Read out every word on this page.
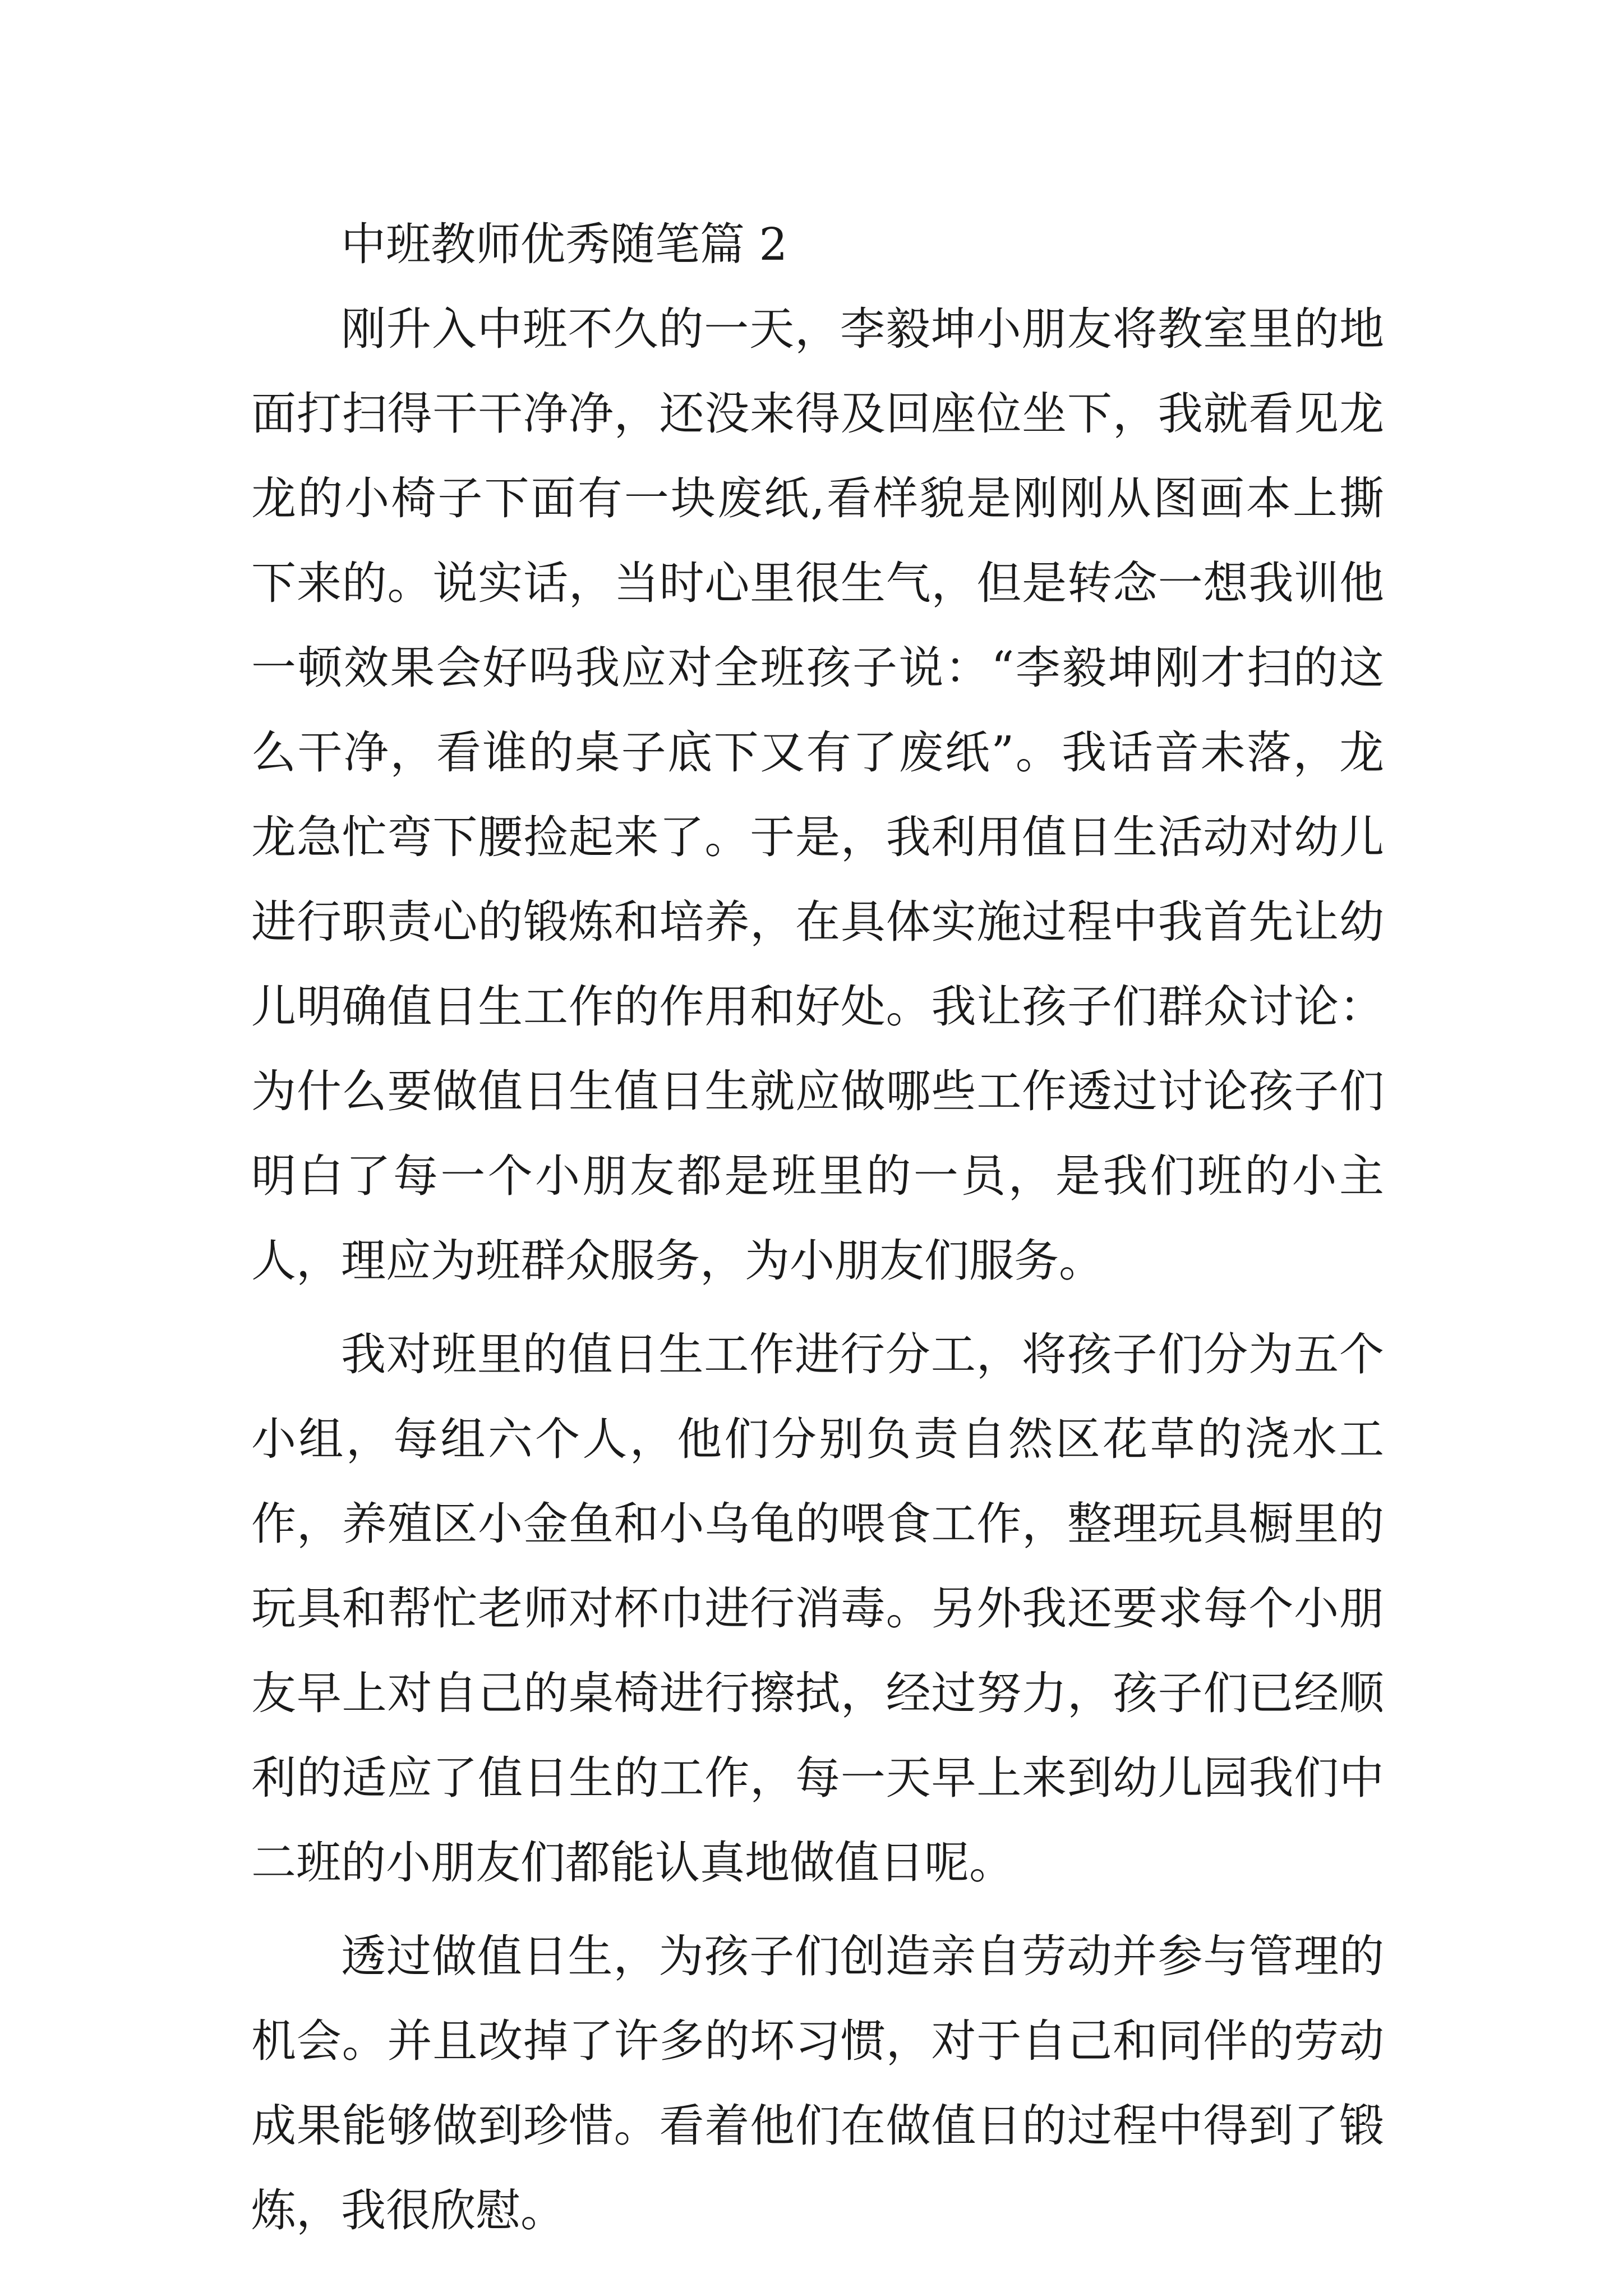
中班教师优秀随笔篇 2

刚升入中班不久的一天，李毅坤小朋友将教室里的地面打扫得干干净净，还没来得及回座位坐下，我就看见龙龙的小椅子下面有一块废纸,看样貌是刚刚从图画本上撕下来的。说实话，当时心里很生气，但是转念一想我训他一顿效果会好吗我应对全班孩子说：“李毅坤刚才扫的这么干净，看谁的桌子底下又有了废纸”。我话音未落，龙龙急忙弯下腰捡起来了。于是，我利用值日生活动对幼儿进行职责心的锻炼和培养，在具体实施过程中我首先让幼儿明确值日生工作的作用和好处。我让孩子们群众讨论：为什么要做值日生值日生就应做哪些工作透过讨论孩子们明白了每一个小朋友都是班里的一员，是我们班的小主人，理应为班群众服务，为小朋友们服务。

我对班里的值日生工作进行分工，将孩子们分为五个小组，每组六个人，他们分别负责自然区花草的浇水工作，养殖区小金鱼和小乌龟的喂食工作，整理玩具橱里的玩具和帮忙老师对杯巾进行消毒。另外我还要求每个小朋友早上对自己的桌椅进行擦拭，经过努力，孩子们已经顺利的适应了值日生的工作，每一天早上来到幼儿园我们中二班的小朋友们都能认真地做值日呢。

透过做值日生，为孩子们创造亲自劳动并参与管理的机会。并且改掉了许多的坏习惯，对于自己和同伴的劳动成果能够做到珍惜。看着他们在做值日的过程中得到了锻炼，我很欣慰。
